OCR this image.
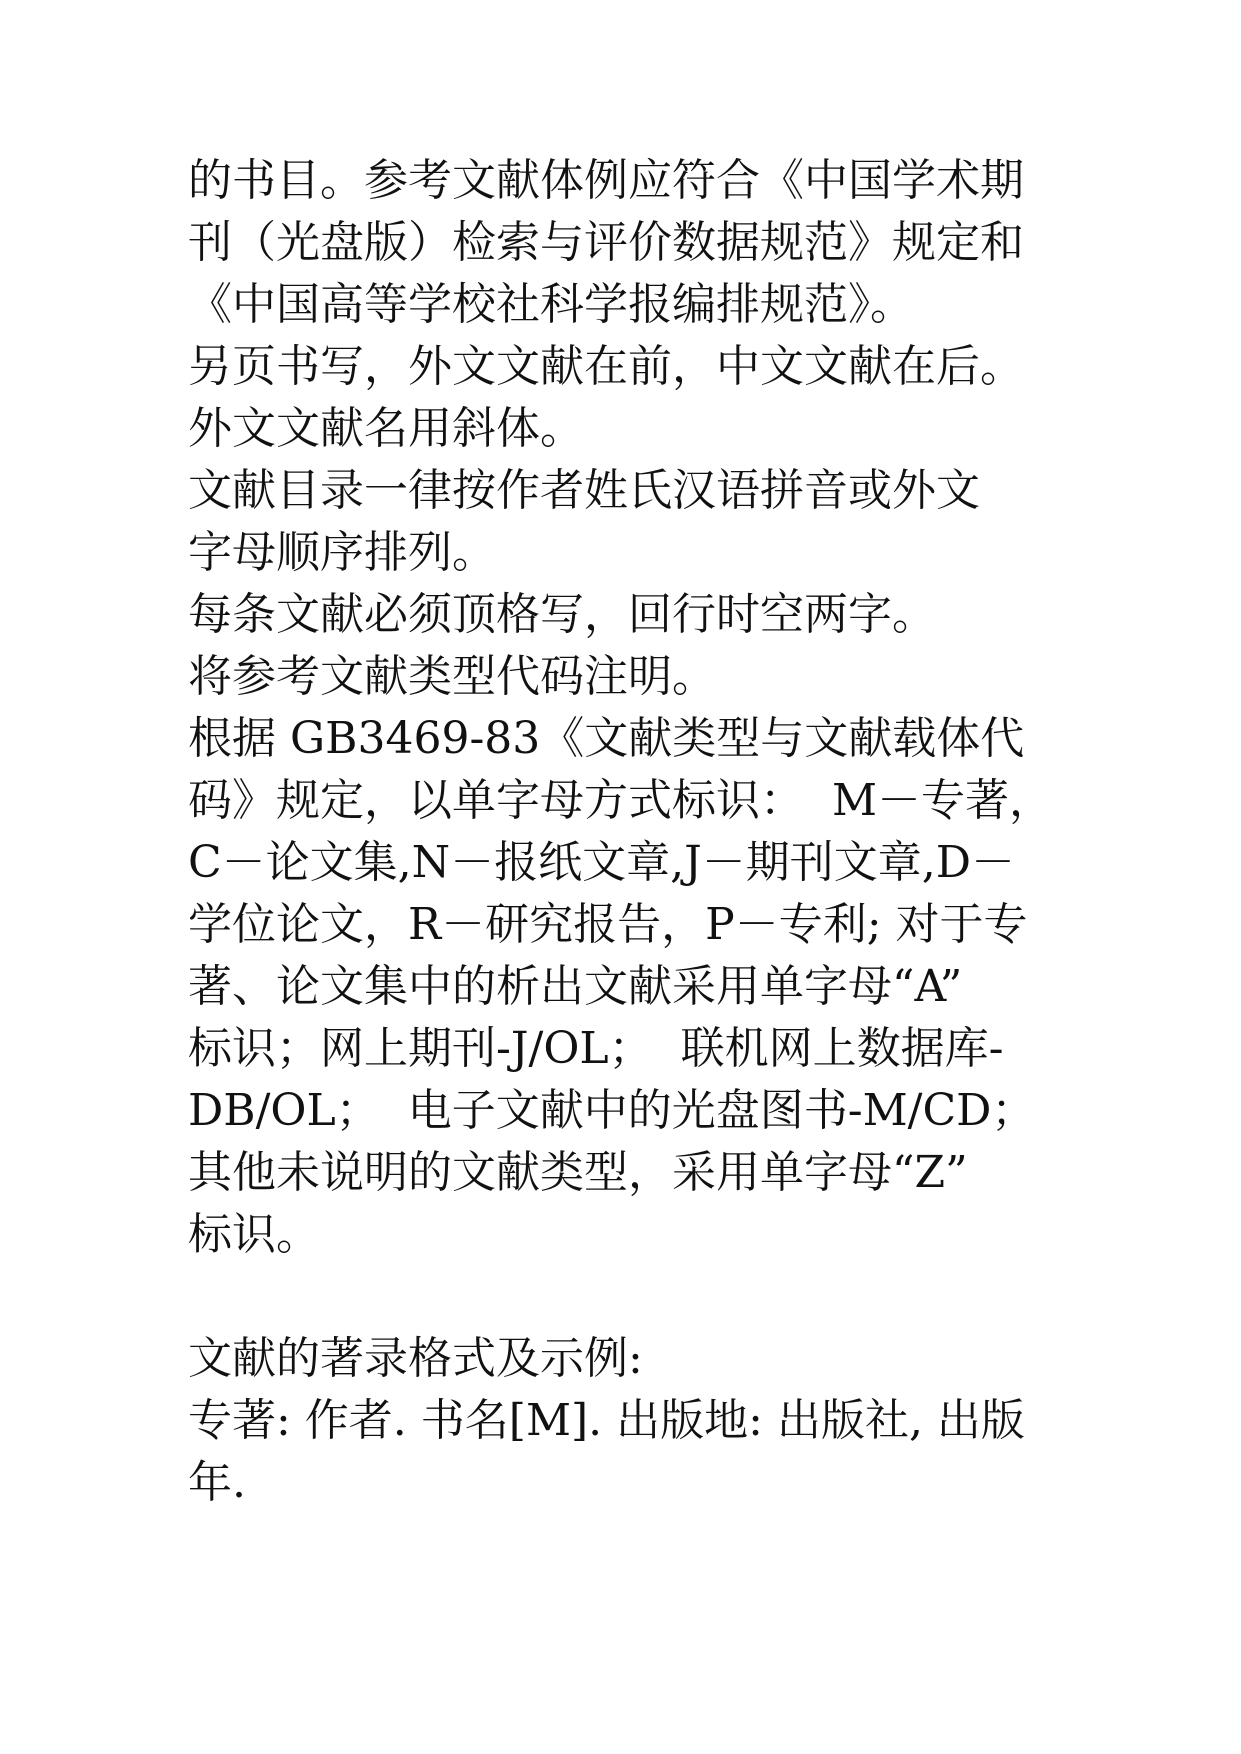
的书目。参考文献体例应符合《中国学术期
刊（光盘版）检索与评价数据规范》规定和
《中国高等学校社科学报编排规范》。
另页书写，外文文献在前，中文文献在后。
外文文献名用斜体。
文献目录一律按作者姓氏汉语拼音或外文
字母顺序排列。
每条文献必须顶格写，回行时空两字。
将参考文献类型代码注明。
根据 GB3469-83《文献类型与文献载体代
码》规定，以单字母方式标识：  M－专著，
C－论文集,N－报纸文章,J－期刊文章,D－
学位论文，R－研究报告，P－专利; 对于专
著、论文集中的析出文献采用单字母“A”
标识；网上期刊-J/OL；  联机网上数据库-
DB/OL；  电子文献中的光盘图书-M/CD；
其他未说明的文献类型，采用单字母“Z”
标识。
文献的著录格式及示例:
专著: 作者. 书名[M]. 出版地: 出版社, 出版
年.
